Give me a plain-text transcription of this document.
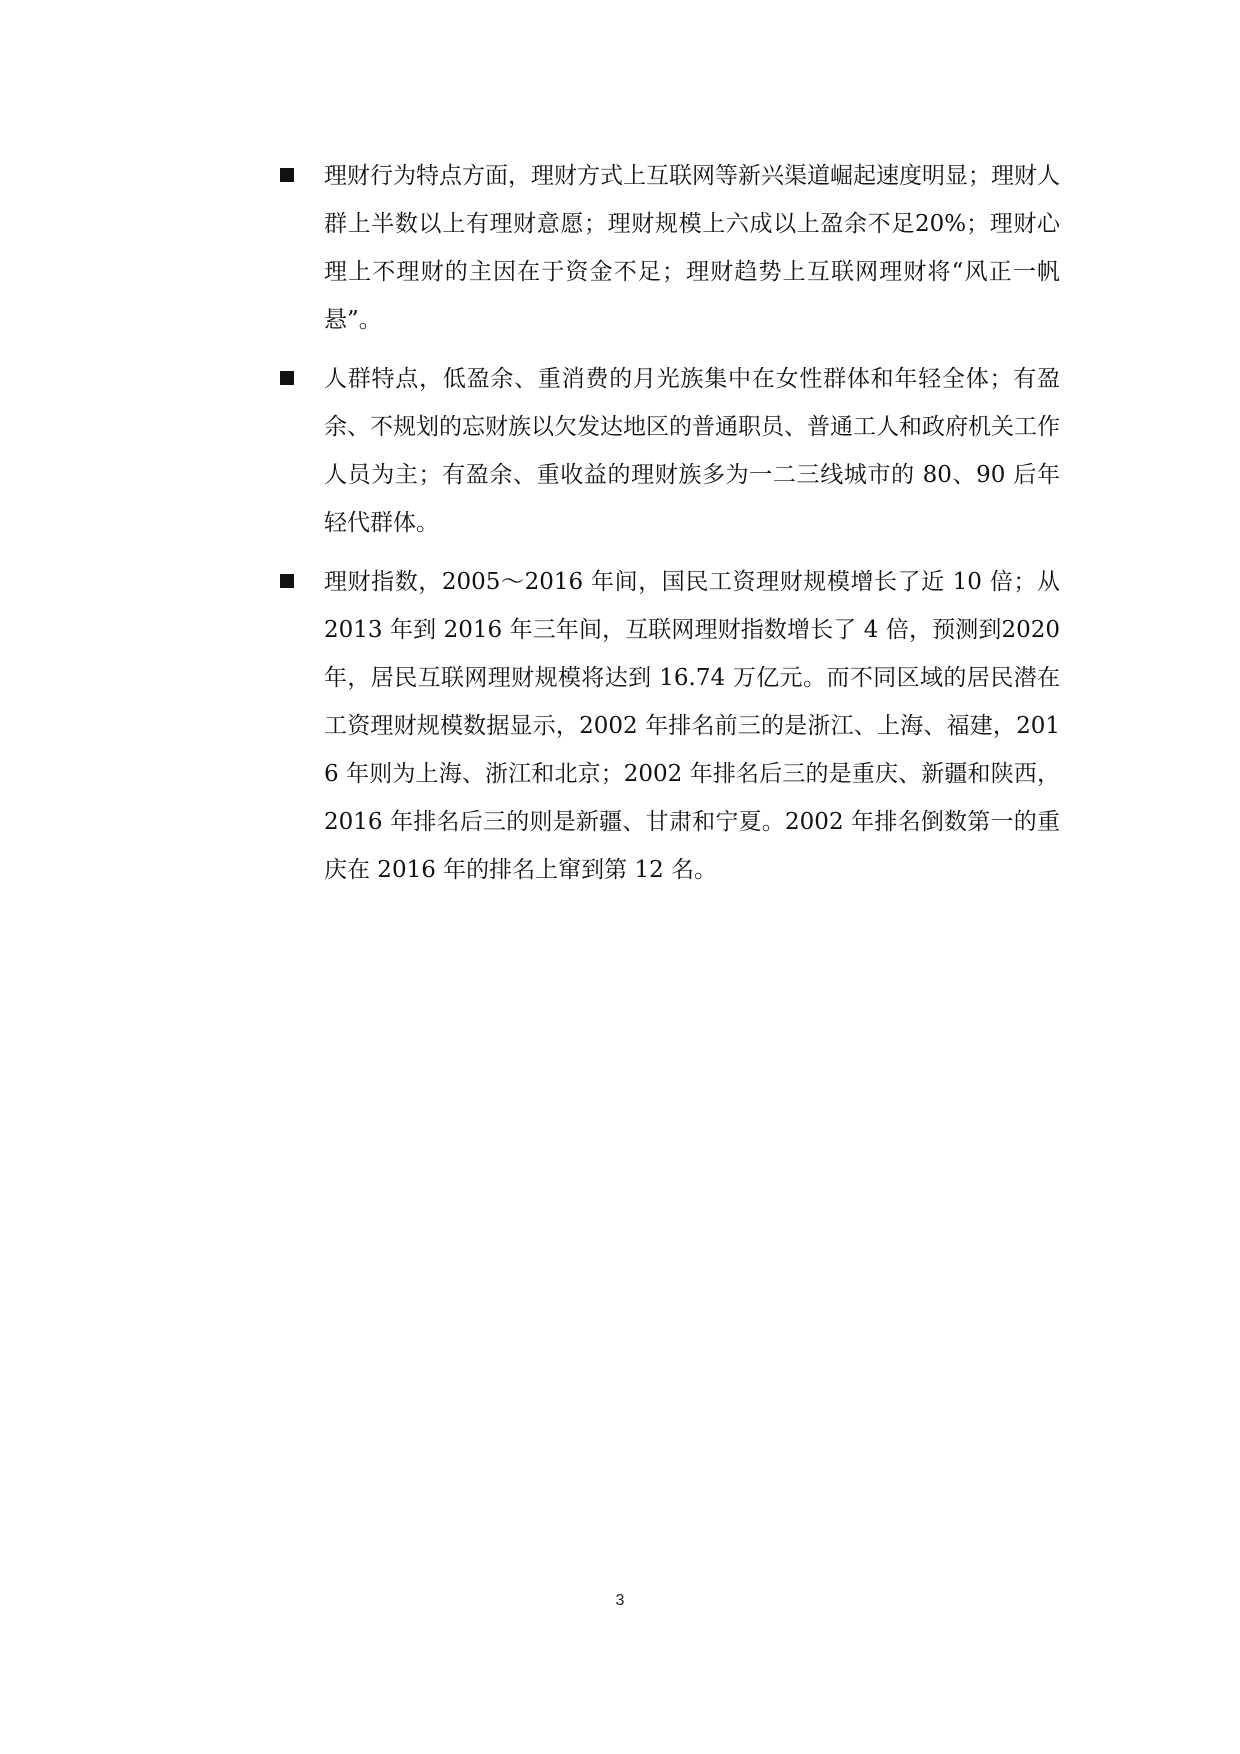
理财行为特点方面，理财方式上互联网等新兴渠道崛起速度明显；理财人群上半数以上有理财意愿；理财规模上六成以上盈余不足20%；理财心理上不理财的主因在于资金不足；理财趋势上互联网理财将“风正一帆悬”。
人群特点，低盈余、重消费的月光族集中在女性群体和年轻全体；有盈余、不规划的忘财族以欠发达地区的普通职员、普通工人和政府机关工作人员为主；有盈余、重收益的理财族多为一二三线城市的 80、90 后年轻代群体。
理财指数，2005～2016 年间，国民工资理财规模增长了近 10 倍；从 2013 年到 2016 年三年间，互联网理财指数增长了 4 倍，预测到2020 年，居民互联网理财规模将达到 16.74 万亿元。而不同区域的居民潜在工资理财规模数据显示，2002 年排名前三的是浙江、上海、福建，2016 年则为上海、浙江和北京；2002 年排名后三的是重庆、新疆和陕西，2016 年排名后三的则是新疆、甘肃和宁夏。2002 年排名倒数第一的重庆在 2016 年的排名上窜到第 12 名。
3
